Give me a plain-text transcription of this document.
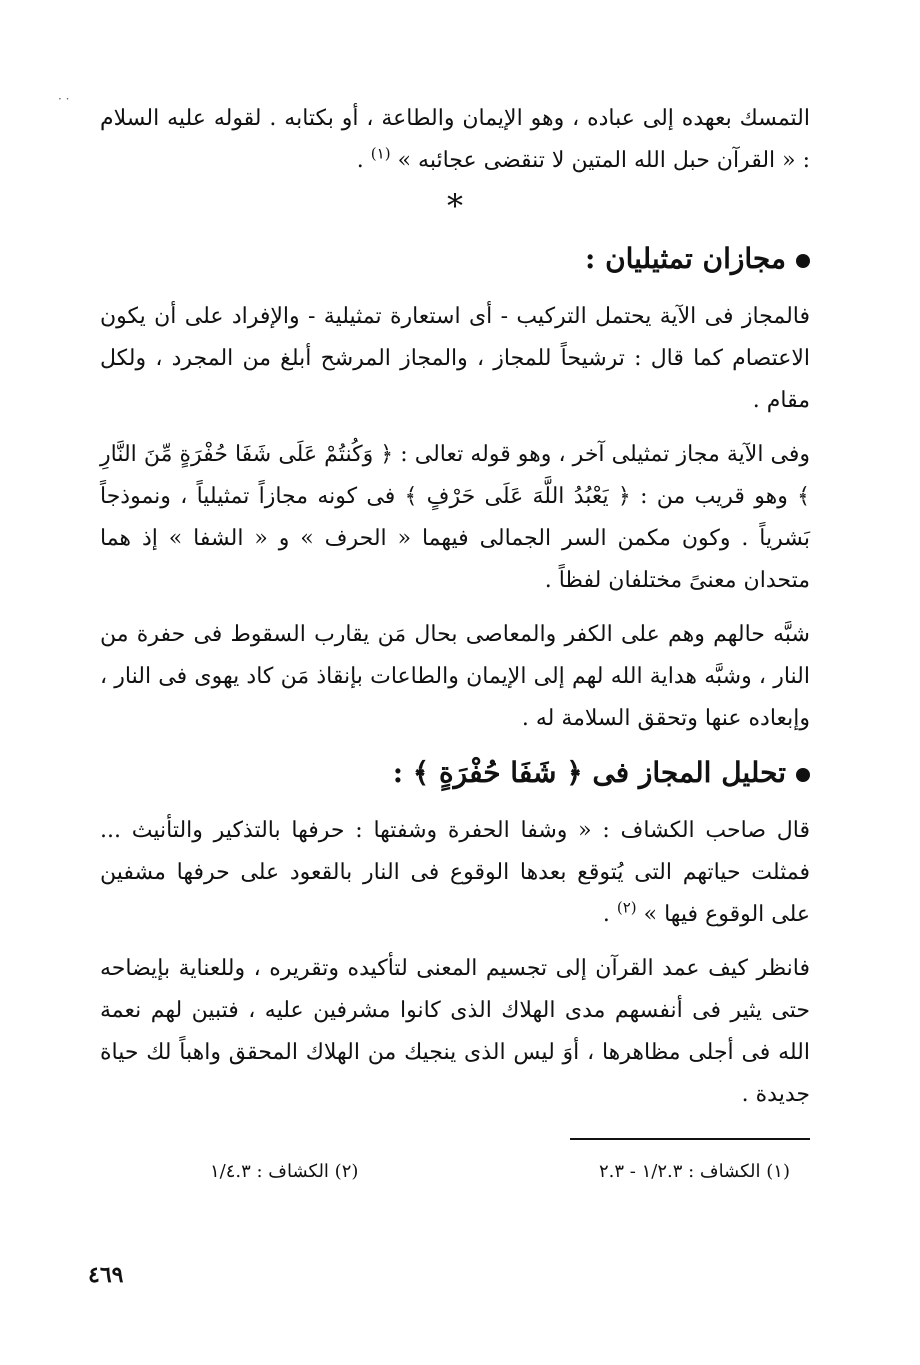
· ·

التمسك بعهده إلى عباده ، وهو الإيمان والطاعة ، أو بكتابه . لقوله عليه السلام : « القرآن حبل الله المتين لا تنقضى عجائبه » $^{(١)}$ .

*
مجازان تمثيليان :

فالمجاز فى الآية يحتمل التركيب - أى استعارة تمثيلية - والإفراد على أن يكون الاعتصام كما قال : ترشيحاً للمجاز ، والمجاز المرشح أبلغ من المجرد ، ولكل مقام .

وفى الآية مجاز تمثيلى آخر ، وهو قوله تعالى : ﴿ وَكُنتُمْ عَلَى شَفَا حُفْرَةٍ مِّنَ النَّارِ ﴾ وهو قريب من : ﴿ يَعْبُدُ اللَّهَ عَلَى حَرْفٍ ﴾ فى كونه مجازاً تمثيلياً ، ونموذجاً بَشرياً . وكون مكمن السر الجمالى فيهما « الحرف » و « الشفا » إذ هما متحدان معنىً مختلفان لفظاً .

شبَّه حالهم وهم على الكفر والمعاصى بحال مَن يقارب السقوط فى حفرة من النار ، وشبَّه هداية الله لهم إلى الإيمان والطاعات بإنقاذ مَن كاد يهوى فى النار ، وإبعاده عنها وتحقق السلامة له .

تحليل المجاز فى ﴿ شَفَا حُفْرَةٍ ﴾ :

قال صاحب الكشاف : « وشفا الحفرة وشفتها : حرفها بالتذكير والتأنيث ... فمثلت حياتهم التى يُتوقع بعدها الوقوع فى النار بالقعود على حرفها مشفين على الوقوع فيها » $^{(٢)}$ .

فانظر كيف عمد القرآن إلى تجسيم المعنى لتأكيده وتقريره ، وللعناية بإيضاحه حتى يثير فى أنفسهم مدى الهلاك الذى كانوا مشرفين عليه ، فتبين لهم نعمة الله فى أجلى مظاهرها ، أوَ ليس الذى ينجيك من الهلاك المحقق واهباً لك حياة جديدة .

(١) الكشاف : ١/٢.٣ - ٢.٣
(٢) الكشاف : ١/٤.٣
٤٦٩
